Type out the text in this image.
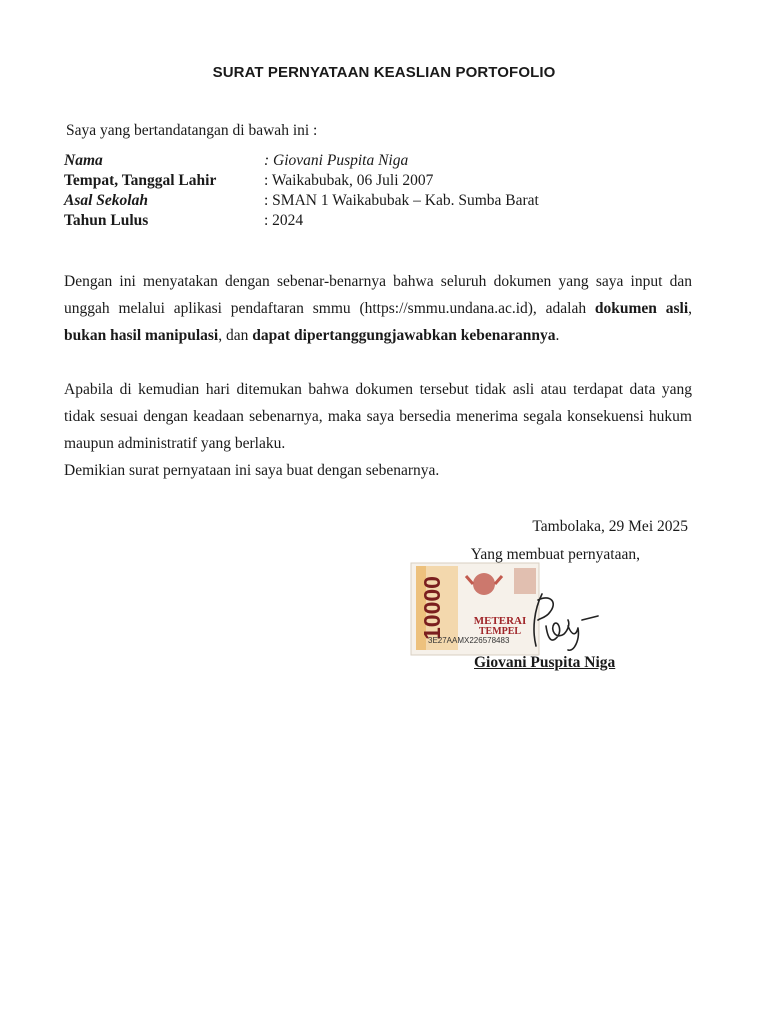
SURAT PERNYATAAN KEASLIAN PORTOFOLIO
Saya yang bertandatangan di bawah ini :
Nama	: Giovani Puspita Niga
Tempat, Tanggal Lahir	: Waikabubak, 06 Juli 2007
Asal Sekolah	: SMAN 1 Waikabubak – Kab. Sumba Barat
Tahun Lulus	: 2024

Dengan ini menyatakan dengan sebenar-benarnya bahwa seluruh dokumen yang saya input dan unggah melalui aplikasi pendaftaran smmu (https://smmu.undana.ac.id), adalah dokumen asli, bukan hasil manipulasi, dan dapat dipertanggungjawabkan kebenarannya.

Apabila di kemudian hari ditemukan bahwa dokumen tersebut tidak asli atau terdapat data yang tidak sesuai dengan keadaan sebenarnya, maka saya bersedia menerima segala konsekuensi hukum maupun administratif yang berlaku.

Demikian surat pernyataan ini saya buat dengan sebenarnya.

Tambolaka, 29 Mei 2025
Yang membuat pernyataan,
10000	METERAI
TEMPEL
3E27AAMX226578483
Giovani Puspita Niga
